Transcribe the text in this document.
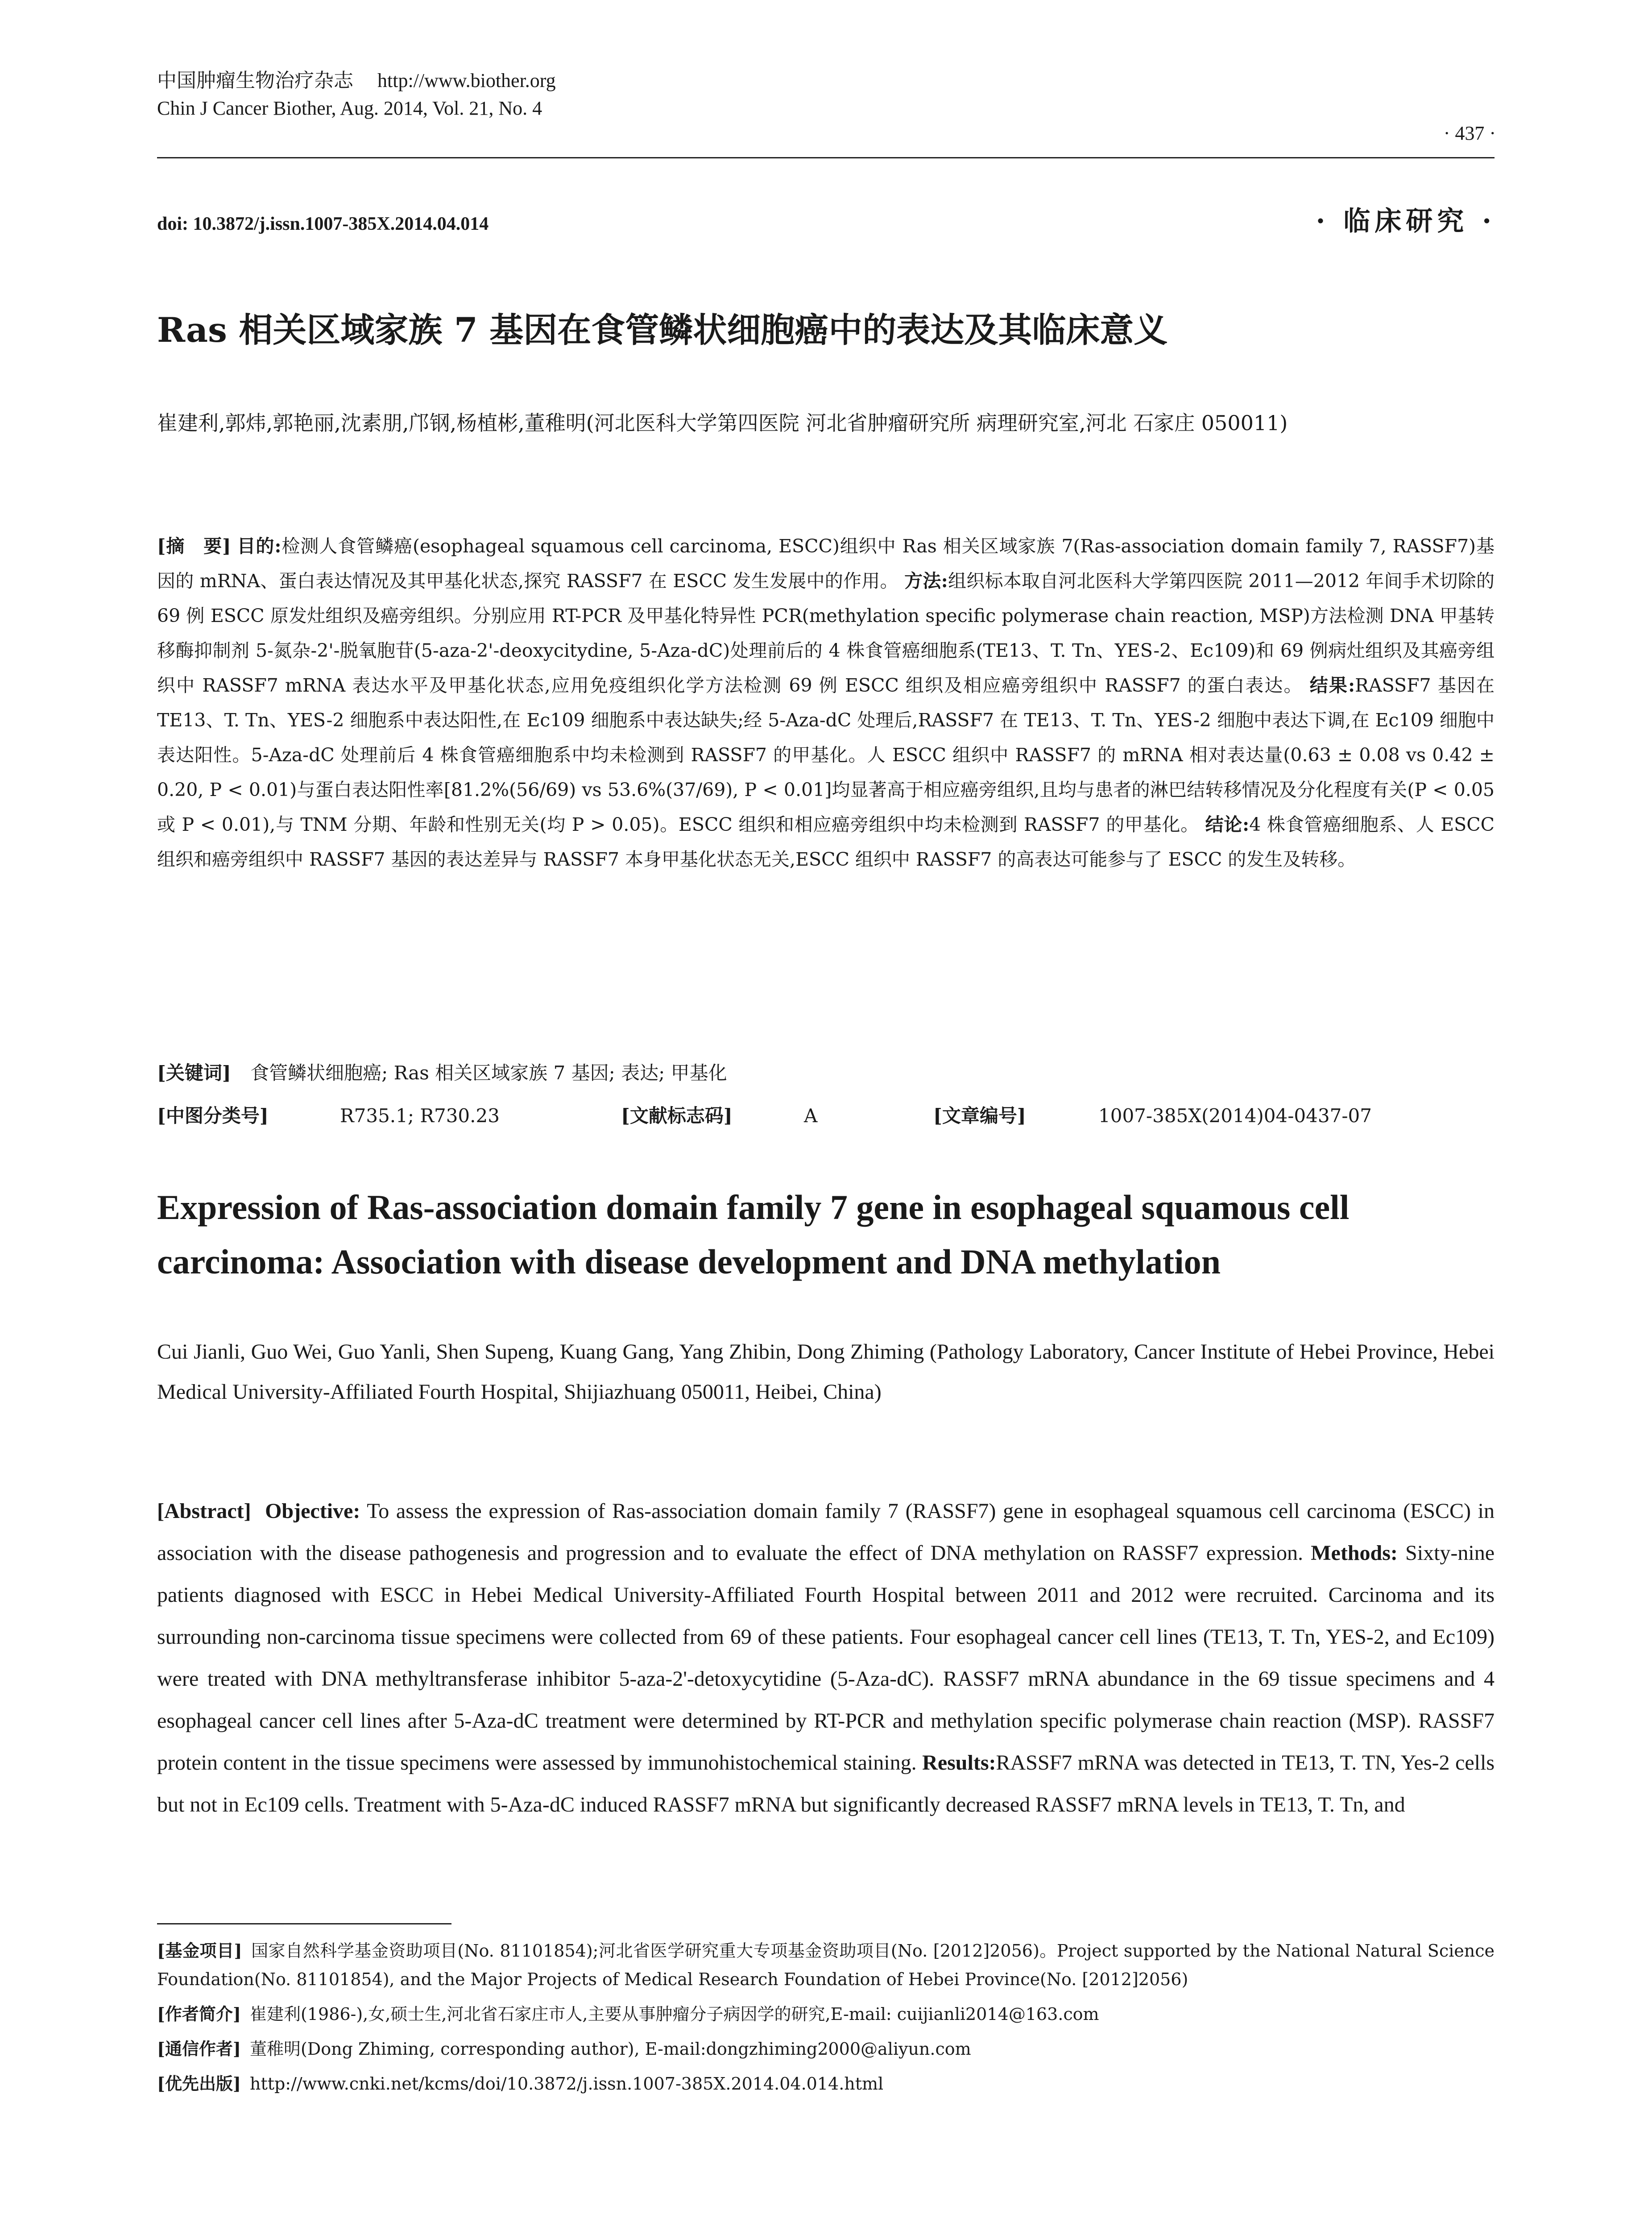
中国肿瘤生物治疗杂志 http://www.biother.org
Chin J Cancer Biother, Aug. 2014, Vol. 21, No. 4
· 437 ·
doi: 10.3872/j.issn.1007-385X.2014.04.014	· 临床研究 ·
Ras 相关区域家族 7 基因在食管鳞状细胞癌中的表达及其临床意义
崔建利,郭炜,郭艳丽,沈素朋,邝钢,杨植彬,董稚明(河北医科大学第四医院 河北省肿瘤研究所 病理研究室,河北 石家庄 050011)
[摘　要] 目的:检测人食管鳞癌(esophageal squamous cell carcinoma, ESCC)组织中 Ras 相关区域家族 7(Ras-association domain family 7, RASSF7)基因的 mRNA、蛋白表达情况及其甲基化状态,探究 RASSF7 在 ESCC 发生发展中的作用。 方法:组织标本取自河北医科大学第四医院 2011—2012 年间手术切除的 69 例 ESCC 原发灶组织及癌旁组织。分别应用 RT-PCR 及甲基化特异性 PCR(methylation specific polymerase chain reaction, MSP)方法检测 DNA 甲基转移酶抑制剂 5-氮杂-2'-脱氧胞苷(5-aza-2'-deoxycitydine, 5-Aza-dC)处理前后的 4 株食管癌细胞系(TE13、T. Tn、YES-2、Ec109)和 69 例病灶组织及其癌旁组织中 RASSF7 mRNA 表达水平及甲基化状态,应用免疫组织化学方法检测 69 例 ESCC 组织及相应癌旁组织中 RASSF7 的蛋白表达。 结果:RASSF7 基因在 TE13、T. Tn、YES-2 细胞系中表达阳性,在 Ec109 细胞系中表达缺失;经 5-Aza-dC 处理后,RASSF7 在 TE13、T. Tn、YES-2 细胞中表达下调,在 Ec109 细胞中表达阳性。5-Aza-dC 处理前后 4 株食管癌细胞系中均未检测到 RASSF7 的甲基化。人 ESCC 组织中 RASSF7 的 mRNA 相对表达量(0.63 ± 0.08 vs 0.42 ± 0.20, P < 0.01)与蛋白表达阳性率[81.2%(56/69) vs 53.6%(37/69), P < 0.01]均显著高于相应癌旁组织,且均与患者的淋巴结转移情况及分化程度有关(P < 0.05 或 P < 0.01),与 TNM 分期、年龄和性别无关(均 P > 0.05)。ESCC 组织和相应癌旁组织中均未检测到 RASSF7 的甲基化。 结论:4 株食管癌细胞系、人 ESCC 组织和癌旁组织中 RASSF7 基因的表达差异与 RASSF7 本身甲基化状态无关,ESCC 组织中 RASSF7 的高表达可能参与了 ESCC 的发生及转移。
[关键词] 食管鳞状细胞癌; Ras 相关区域家族 7 基因; 表达; 甲基化
[中图分类号]	R735.1; R730.23	[文献标志码]	A	[文章编号]	1007-385X(2014)04-0437-07
Expression of Ras-association domain family 7 gene in esophageal squamous cell carcinoma: Association with disease development and DNA methylation
Cui Jianli, Guo Wei, Guo Yanli, Shen Supeng, Kuang Gang, Yang Zhibin, Dong Zhiming (Pathology Laboratory, Cancer Institute of Hebei Province, Hebei Medical University-Affiliated Fourth Hospital, Shijiazhuang 050011, Heibei, China)
[Abstract] Objective: To assess the expression of Ras-association domain family 7 (RASSF7) gene in esophageal squamous cell carcinoma (ESCC) in association with the disease pathogenesis and progression and to evaluate the effect of DNA methylation on RASSF7 expression. Methods: Sixty-nine patients diagnosed with ESCC in Hebei Medical University-Affiliated Fourth Hospital between 2011 and 2012 were recruited. Carcinoma and its surrounding non-carcinoma tissue specimens were collected from 69 of these patients. Four esophageal cancer cell lines (TE13, T. Tn, YES-2, and Ec109) were treated with DNA methyltransferase inhibitor 5-aza-2'-detoxycytidine (5-Aza-dC). RASSF7 mRNA abundance in the 69 tissue specimens and 4 esophageal cancer cell lines after 5-Aza-dC treatment were determined by RT-PCR and methylation specific polymerase chain reaction (MSP). RASSF7 protein content in the tissue specimens were assessed by immunohistochemical staining. Results:RASSF7 mRNA was detected in TE13, T. TN, Yes-2 cells but not in Ec109 cells. Treatment with 5-Aza-dC induced RASSF7 mRNA but significantly decreased RASSF7 mRNA levels in TE13, T. Tn, and
[基金项目] 国家自然科学基金资助项目(No. 81101854);河北省医学研究重大专项基金资助项目(No. [2012]2056)。Project supported by the National Natural Science Foundation(No. 81101854), and the Major Projects of Medical Research Foundation of Hebei Province(No. [2012]2056)
[作者简介] 崔建利(1986-),女,硕士生,河北省石家庄市人,主要从事肿瘤分子病因学的研究,E-mail: cuijianli2014@163.com
[通信作者] 董稚明(Dong Zhiming, corresponding author), E-mail:dongzhiming2000@aliyun.com
[优先出版] http://www.cnki.net/kcms/doi/10.3872/j.issn.1007-385X.2014.04.014.html
